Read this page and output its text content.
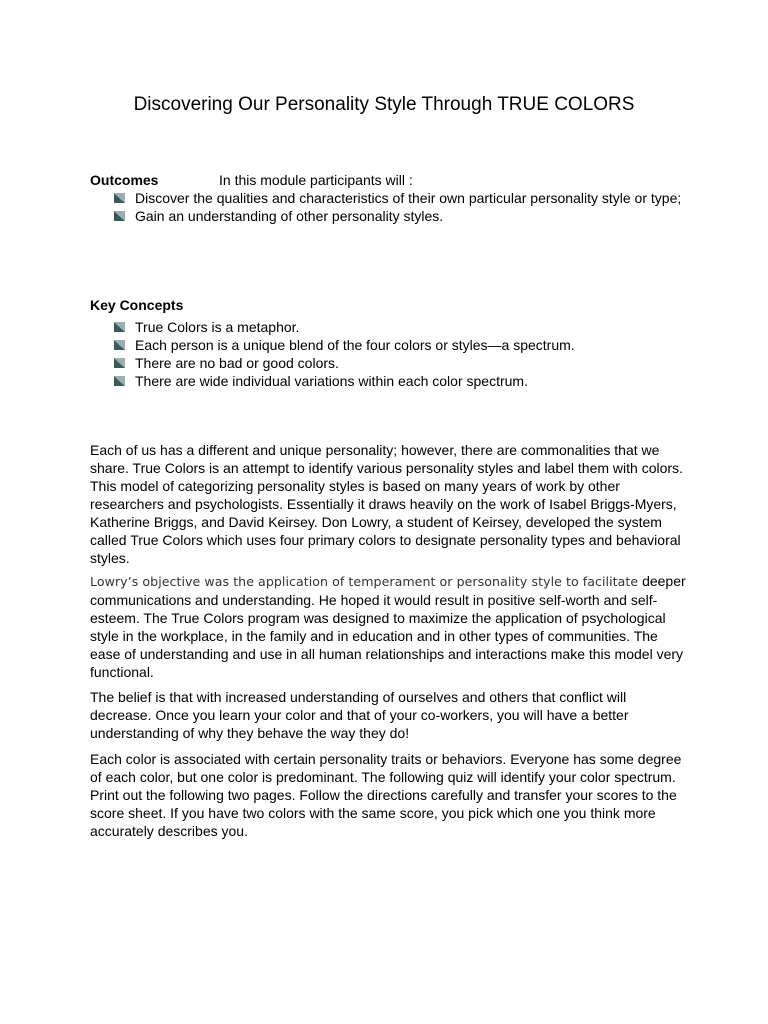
Discovering Our Personality Style Through TRUE COLORS

Outcomes	In this module participants will :

Discover the qualities and characteristics of their own particular personality style or type;
Gain an understanding of other personality styles.

Key Concepts

True Colors is a metaphor.
Each person is a unique blend of the four colors or styles—a spectrum.
There are no bad or good colors.
There are wide individual variations within each color spectrum.

Each of us has a different and unique personality; however, there are commonalities that we share. True Colors is an attempt to identify various personality styles and label them with colors. This model of categorizing personality styles is based on many years of work by other researchers and psychologists. Essentially it draws heavily on the work of Isabel Briggs-Myers, Katherine Briggs, and David Keirsey. Don Lowry, a student of Keirsey, developed the system called True Colors which uses four primary colors to designate personality types and behavioral styles.

Lowry’s objective was the application of temperament or personality style to facilitate deeper communications and understanding. He hoped it would result in positive self-worth and self-esteem. The True Colors program was designed to maximize the application of psychological style in the workplace, in the family and in education and in other types of communities. The ease of understanding and use in all human relationships and interactions make this model very functional.

The belief is that with increased understanding of ourselves and others that conflict will decrease. Once you learn your color and that of your co-workers, you will have a better understanding of why they behave the way they do!

Each color is associated with certain personality traits or behaviors. Everyone has some degree of each color, but one color is predominant. The following quiz will identify your color spectrum. Print out the following two pages. Follow the directions carefully and transfer your scores to the score sheet. If you have two colors with the same score, you pick which one you think more accurately describes you.
